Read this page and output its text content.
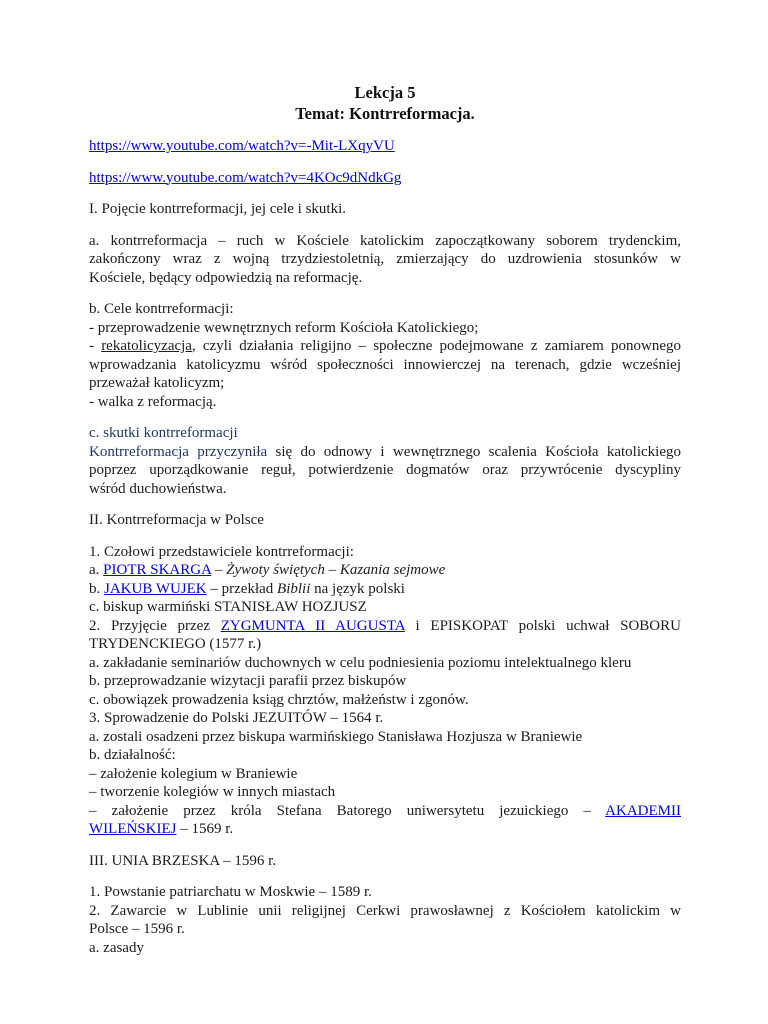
Lekcja 5
Temat: Kontrreformacja.
https://www.youtube.com/watch?v=-Mit-LXqyVU
https://www.youtube.com/watch?v=4KOc9dNdkGg
I. Pojęcie kontrreformacji, jej cele i skutki.
a. kontrreformacja – ruch w Kościele katolickim zapoczątkowany soborem trydenckim,
zakończony wraz z wojną trzydziestoletnią, zmierzający do uzdrowienia stosunków w
Kościele, będący odpowiedzią na reformację.
b. Cele kontrreformacji:
- przeprowadzenie wewnętrznych reform Kościoła Katolickiego;
- rekatolicyzacja, czyli działania religijno – społeczne podejmowane z zamiarem ponownego
wprowadzania katolicyzmu wśród społeczności innowierczej na terenach, gdzie wcześniej
przeważał katolicyzm;
- walka z reformacją.
c. skutki kontrreformacji
Kontrreformacja przyczyniła się do odnowy i wewnętrznego scalenia Kościoła katolickiego
poprzez uporządkowanie reguł, potwierdzenie dogmatów oraz przywrócenie dyscypliny
wśród duchowieństwa.
II. Kontrreformacja w Polsce
1. Czołowi przedstawiciele kontrreformacji:
a. PIOTR SKARGA – Żywoty świętych – Kazania sejmowe
b. JAKUB WUJEK – przekład Biblii na język polski
c. biskup warmiński STANISŁAW HOZJUSZ
2. Przyjęcie przez ZYGMUNTA II AUGUSTA i EPISKOPAT polski uchwał SOBORU
TRYDENCKIEGO (1577 r.)
a. zakładanie seminariów duchownych w celu podniesienia poziomu intelektualnego kleru
b. przeprowadzanie wizytacji parafii przez biskupów
c. obowiązek prowadzenia ksiąg chrztów, małżeństw i zgonów.
3. Sprowadzenie do Polski JEZUITÓW – 1564 r.
a. zostali osadzeni przez biskupa warmińskiego Stanisława Hozjusza w Braniewie
b. działalność:
– założenie kolegium w Braniewie
– tworzenie kolegiów w innych miastach
– założenie przez króla Stefana Batorego uniwersytetu jezuickiego – AKADEMII
WILEŃSKIEJ – 1569 r.
III. UNIA BRZESKA – 1596 r.
1. Powstanie patriarchatu w Moskwie – 1589 r.
2. Zawarcie w Lublinie unii religijnej Cerkwi prawosławnej z Kościołem katolickim w
Polsce – 1596 r.
a. zasady
